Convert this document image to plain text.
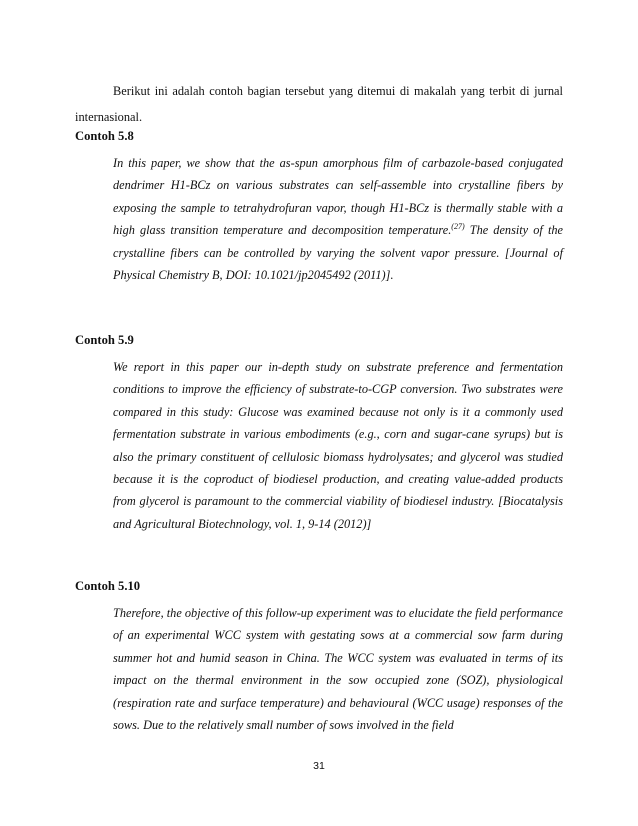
Berikut ini adalah contoh bagian tersebut yang ditemui di makalah yang terbit di jurnal internasional.

Contoh 5.8

In this paper, we show that the as-spun amorphous film of carbazole-based conjugated dendrimer H1-BCz on various substrates can self-assemble into crystalline fibers by exposing the sample to tetrahydrofuran vapor, though H1-BCz is thermally stable with a high glass transition temperature and decomposition temperature.$^{(27)}$ The density of the crystalline fibers can be controlled by varying the solvent vapor pressure. [Journal of Physical Chemistry B, DOI: 10.1021/jp2045492 (2011)].

Contoh 5.9

We report in this paper our in-depth study on substrate preference and fermentation conditions to improve the efficiency of substrate-to-CGP conversion. Two substrates were compared in this study: Glucose was examined because not only is it a commonly used fermentation substrate in various embodiments (e.g., corn and sugar-cane syrups) but is also the primary constituent of cellulosic biomass hydrolysates; and glycerol was studied because it is the coproduct of biodiesel production, and creating value-added products from glycerol is paramount to the commercial viability of biodiesel industry. [Biocatalysis and Agricultural Biotechnology, vol. 1, 9-14 (2012)]

Contoh 5.10

Therefore, the objective of this follow-up experiment was to elucidate the field performance of an experimental WCC system with gestating sows at a commercial sow farm during summer hot and humid season in China. The WCC system was evaluated in terms of its impact on the thermal environment in the sow occupied zone (SOZ), physiological (respiration rate and surface temperature) and behavioural (WCC usage) responses of the sows. Due to the relatively small number of sows involved in the field

31
